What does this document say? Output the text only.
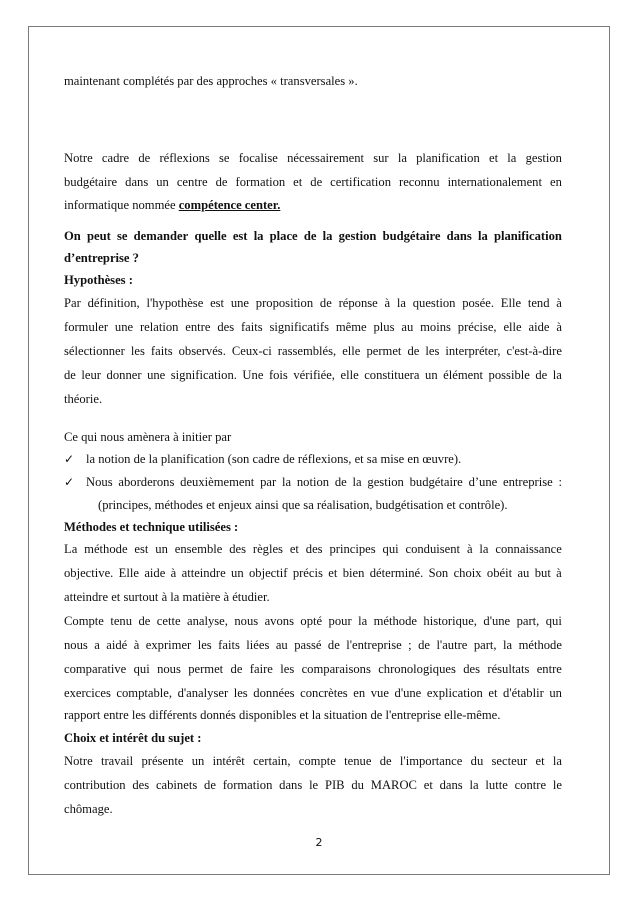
maintenant complétés par des approches « transversales ».
Notre cadre de réflexions se focalise nécessairement sur la planification et la gestion
budgétaire dans un centre de formation et de certification reconnu internationalement en
informatique nommée compétence center.
On peut se demander quelle est la place de la gestion budgétaire dans la planification
d’entreprise ?
Hypothèses :
Par définition, l'hypothèse est une proposition de réponse à la question posée. Elle tend à
formuler une relation entre des faits significatifs même plus au moins précise, elle aide à
sélectionner les faits observés. Ceux-ci rassemblés, elle permet de les interpréter, c'est-à-dire
de leur donner une signification. Une fois vérifiée, elle constituera un élément possible de la
théorie.
Ce qui nous amènera à initier par
✓ la notion de la planification (son cadre de réflexions, et sa mise en œuvre).
✓ Nous aborderons deuxièmement par la notion de la gestion budgétaire d’une entreprise :
(principes, méthodes et enjeux ainsi que sa réalisation, budgétisation et contrôle).
Méthodes et technique utilisées :
La méthode est un ensemble des règles et des principes qui conduisent à la connaissance
objective. Elle aide à atteindre un objectif précis et bien déterminé. Son choix obéit au but à
atteindre et surtout à la matière à étudier.
Compte tenu de cette analyse, nous avons opté pour la méthode historique, d'une part, qui
nous a aidé à exprimer les faits liées au passé de l'entreprise ; de l'autre part, la méthode
comparative qui nous permet de faire les comparaisons chronologiques des résultats entre
exercices comptable, d'analyser les données concrètes en vue d'une explication et d'établir un
rapport entre les différents donnés disponibles et la situation de l'entreprise elle-même.
Choix et intérêt du sujet :
Notre travail présente un intérêt certain, compte tenue de l'importance du secteur et la
contribution des cabinets de formation dans le PIB du MAROC et dans la lutte contre le
chômage.
2
